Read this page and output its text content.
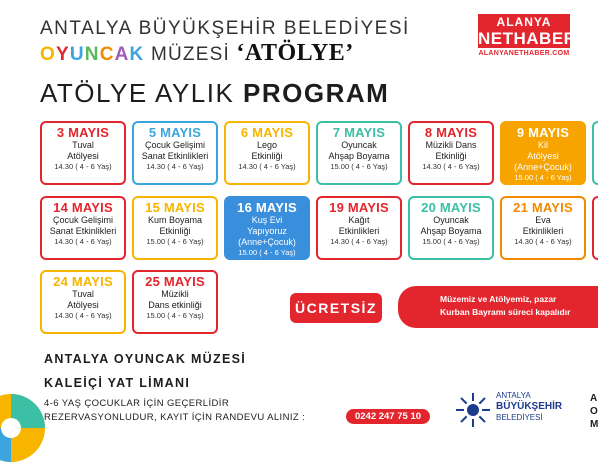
ANTALYA BÜYÜKŞEHİR BELEDİYESİ
OYUNCAK MÜZESİ ‘ATÖLYE’
ATÖLYE AYLIK PROGRAM
ALANYA
NETHABER
ALANYANETHABER.COM
3 MAYIS
Tuval
Atölyesi
14.30 ( 4 - 6 Yaş)
5 MAYIS
Çocuk Gelişimi
Sanat Etkinlikleri
14.30 ( 4 - 6 Yaş)
6 MAYIS
Lego
Etkinliği
14.30 ( 4 - 6 Yaş)
7 MAYIS
Oyuncak
Ahşap Boyama
15.00 ( 4 - 6 Yaş)
8 MAYIS
Müzikli Dans
Etkinliği
14.30 ( 4 - 6 Yaş)
9 MAYIS
Kil
Atölyesi
(Anne+Çocuk)
15.00 ( 4 - 6 Yaş)
14 MAYIS
Çocuk Gelişimi
Sanat Etkinlikleri
14.30 ( 4 - 6 Yaş)
15 MAYIS
Kum Boyama
Etkinliği
15.00 ( 4 - 6 Yaş)
16 MAYIS
Kuş Evi
Yapıyoruz
(Anne+Çocuk)
15.00 ( 4 - 6 Yaş)
19 MAYIS
Kağıt
Etkinlikleri
14.30 ( 4 - 6 Yaş)
20 MAYIS
Oyuncak
Ahşap Boyama
15.00 ( 4 - 6 Yaş)
21 MAYIS
Eva
Etkinlikleri
14.30 ( 4 - 6 Yaş)
24 MAYIS
Tuval
Atölyesi
14.30 ( 4 - 6 Yaş)
25 MAYIS
Müzikli
Dans etkinliği
15.00 ( 4 - 6 Yaş)	ÜCRETSİZ
Müzemiz ve Atölyemiz, pazar
Kurban Bayramı süreci kapalıdır
ANTALYA OYUNCAK MÜZESİ
KALEİÇİ YAT LİMANI
4-6 YAŞ ÇOCUKLAR İÇİN GEÇERLİDİR
REZERVASYONLUDUR, KAYIT İÇİN RANDEVU ALINIZ :	0242 247 75 10
ANTALYA
BÜYÜKŞEHİR
BELEDİYESİ
A
O
M
